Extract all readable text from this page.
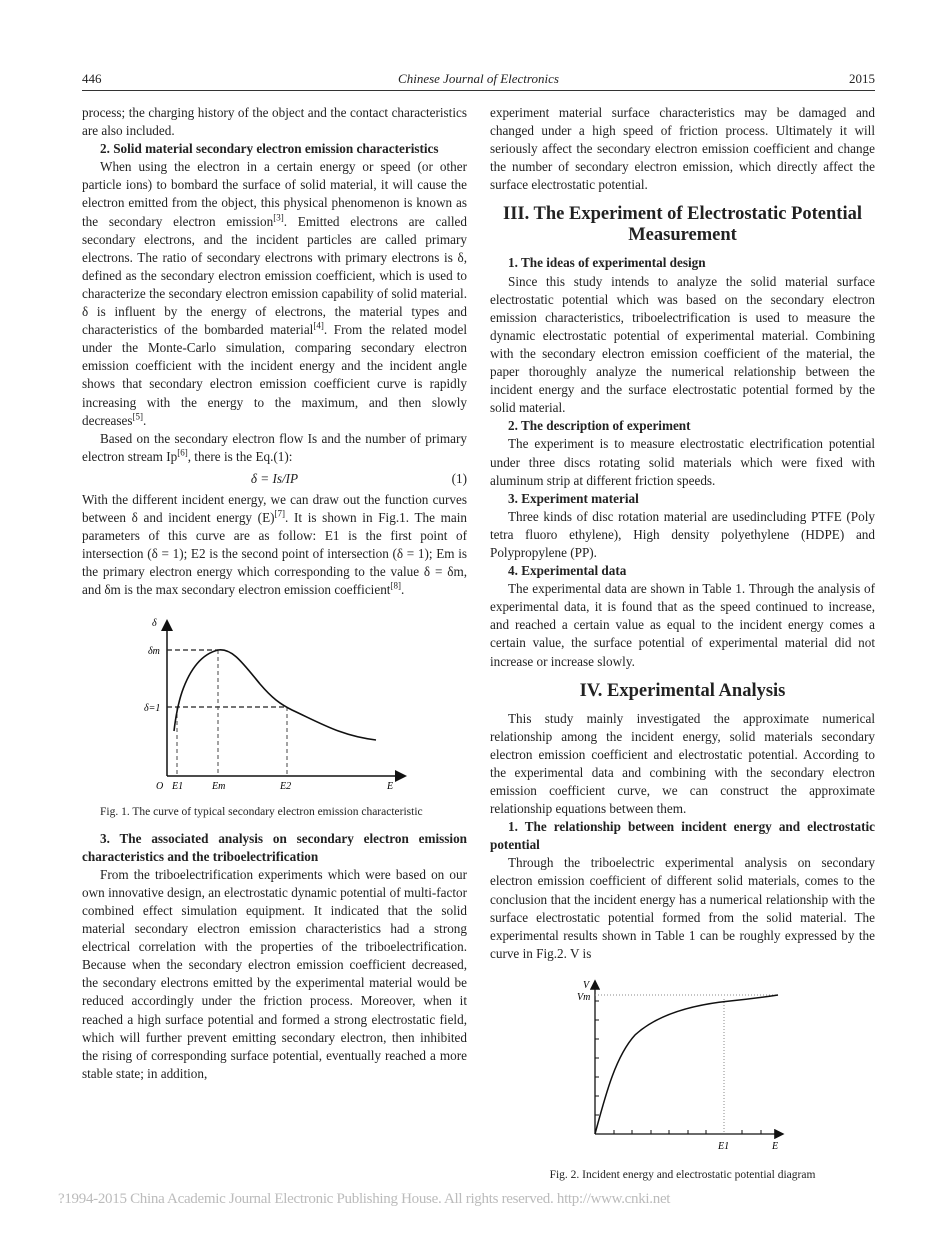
446	Chinese Journal of Electronics	2015

process; the charging history of the object and the contact characteristics are also included.

2. Solid material secondary electron emission characteristics

When using the electron in a certain energy or speed (or other particle ions) to bombard the surface of solid material, it will cause the electron emitted from the object, this physical phenomenon is known as the secondary electron emission[3]. Emitted electrons are called secondary electrons, and the incident particles are called primary electrons. The ratio of secondary electrons with primary electrons is δ, defined as the secondary electron emission coefficient, which is used to characterize the secondary electron emission capability of solid material. δ is influent by the energy of electrons, the material types and characteristics of the bombarded material[4]. From the related model under the Monte-Carlo simulation, comparing secondary electron emission coefficient with the incident energy and the incident angle shows that secondary electron emission coefficient curve is rapidly increasing with the energy to the maximum, and then slowly decreases[5].

Based on the secondary electron flow Is and the number of primary electron stream Ip[6], there is the Eq.(1):

δ = Is/IP	(1)

With the different incident energy, we can draw out the function curves between δ and incident energy (E)[7]. It is shown in Fig.1. The main parameters of this curve are as follow: E1 is the first point of intersection (δ = 1); E2 is the second point of intersection (δ = 1); Em is the primary electron energy which corresponding to the value δ = δm, and δm is the max secondary electron emission coefficient[8].

δ
δm
δ=1
O E1	Em	E2	E

Fig. 1. The curve of typical secondary electron emission characteristic

3. The associated analysis on secondary electron emission characteristics and the triboelectrification

From the triboelectrification experiments which were based on our own innovative design, an electrostatic dynamic potential of multi-factor combined effect simulation equipment. It indicated that the solid material secondary electron emission characteristics had a strong electrical correlation with the properties of the triboelectrification. Because when the secondary electron emission coefficient decreased, the secondary electrons emitted by the experimental material would be reduced accordingly under the friction process. Moreover, when it reached a high surface potential and formed a strong electrostatic field, which will further prevent emitting secondary electron, then inhibited the rising of corresponding surface potential, eventually reached a more stable state; in addition,

experiment material surface characteristics may be damaged and changed under a high speed of friction process. Ultimately it will seriously affect the secondary electron emission coefficient and change the number of secondary electron emission, which directly affect the surface electrostatic potential.

III. The Experiment of Electrostatic Potential Measurement

1. The ideas of experimental design

Since this study intends to analyze the solid material surface electrostatic potential which was based on the secondary electron emission characteristics, triboelectrification is used to measure the dynamic electrostatic potential of experimental material. Combining with the secondary electron emission coefficient of the material, the paper thoroughly analyze the numerical relationship between the incident energy and the surface electrostatic potential formed by the solid material.

2. The description of experiment

The experiment is to measure electrostatic electrification potential under three discs rotating solid materials which were fixed with aluminum strip at different friction speeds.

3. Experiment material

Three kinds of disc rotation material are usedincluding PTFE (Poly tetra fluoro ethylene), High density polyethylene (HDPE) and Polypropylene (PP).

4. Experimental data

The experimental data are shown in Table 1. Through the analysis of experimental data, it is found that as the speed continued to increase, and reached a certain value as equal to the incident energy comes a certain value, the surface potential of experimental material did not increase or increase slowly.

IV. Experimental Analysis

This study mainly investigated the approximate numerical relationship among the incident energy, solid materials secondary electron emission coefficient and electrostatic potential. According to the experimental data and combining with the secondary electron emission coefficient curve, we can construct the approximate relationship equations between them.

1. The relationship between incident energy and electrostatic potential

Through the triboelectric experimental analysis on secondary electron emission coefficient of different solid materials, comes to the conclusion that the incident energy has a numerical relationship with the surface electrostatic potential formed from the solid material. The experimental results shown in Table 1 can be roughly expressed by the curve in Fig.2. V is

V
Vm
E1	E

Fig. 2. Incident energy and electrostatic potential diagram

?1994-2015 China Academic Journal Electronic Publishing House. All rights reserved. http://www.cnki.net
